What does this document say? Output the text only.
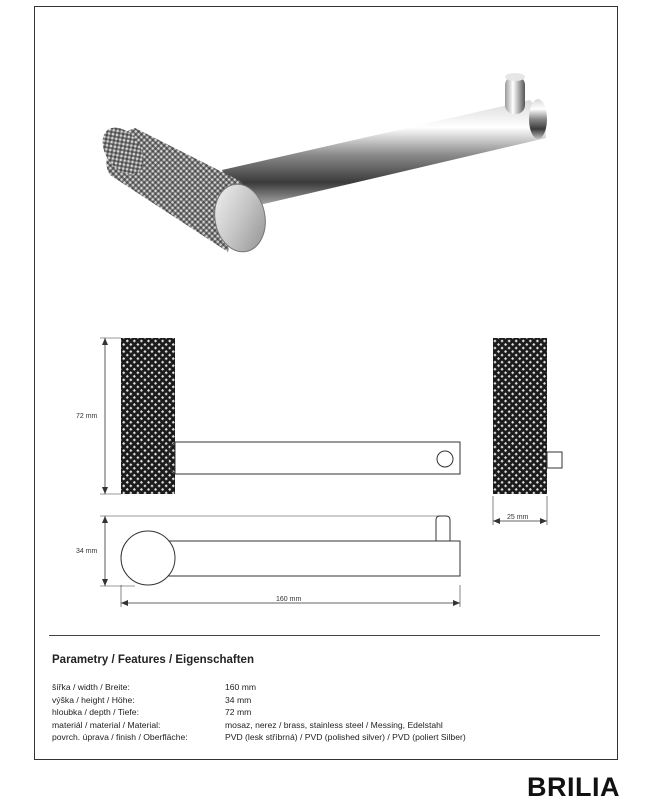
72 mm
25 mm
34 mm
160 mm
Parametry / Features / Eigenschaften
šířka / width / Breite:	160 mm
výška / height / Höhe:	34 mm
hloubka / depth / Tiefe:	72 mm
materiál / material / Material:	mosaz, nerez / brass, stainless steel / Messing, Edelstahl
povrch. úprava / finish / Oberfläche:	PVD (lesk stříbrná) / PVD (polished silver) / PVD (poliert Silber)
BRILIA
